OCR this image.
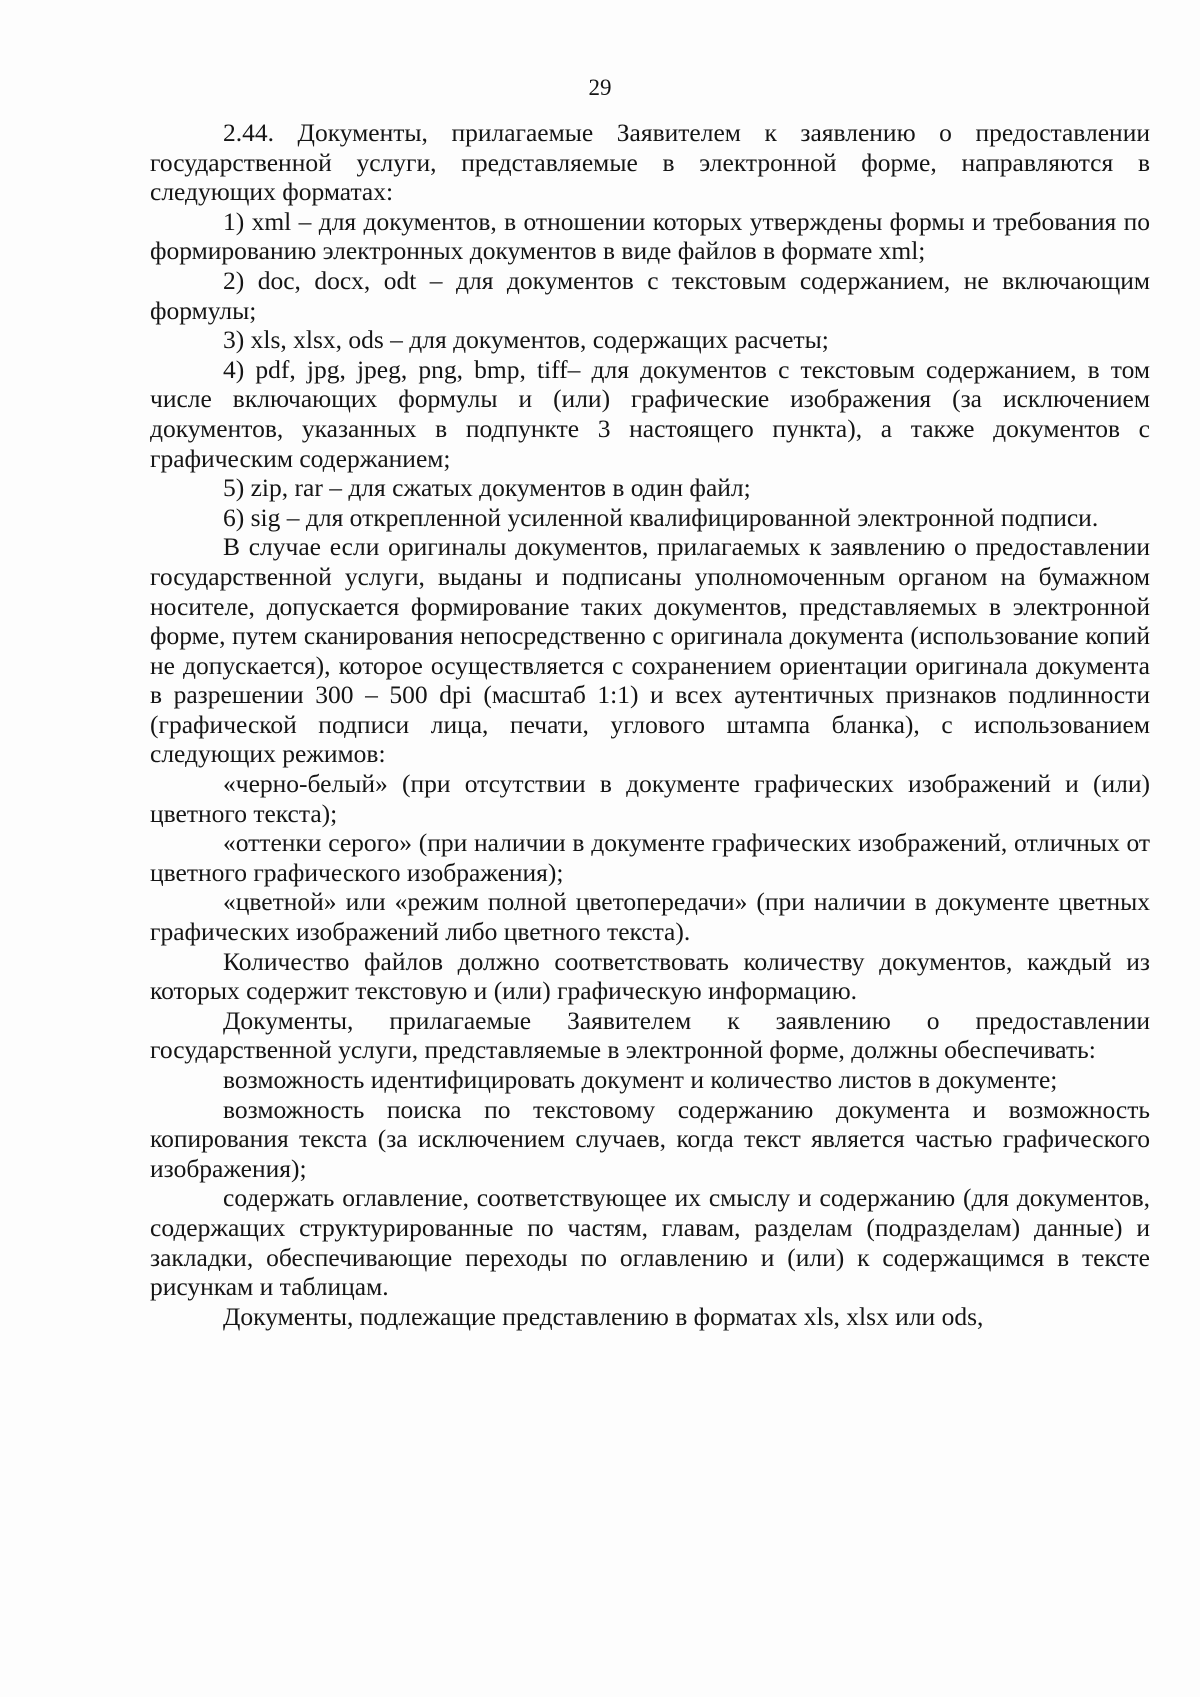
29

2.44. Документы, прилагаемые Заявителем к заявлению о предоставлении государственной услуги, представляемые в электронной форме, направляются в следующих форматах:

1) xml – для документов, в отношении которых утверждены формы и требования по формированию электронных документов в виде файлов в формате xml;

2) doc, docx, odt – для документов с текстовым содержанием, не включающим формулы;

3) xls, xlsx, ods – для документов, содержащих расчеты;

4) pdf, jpg, jpeg, png, bmp, tiff– для документов с текстовым содержанием, в том числе включающих формулы и (или) графические изображения (за исключением документов, указанных в подпункте 3 настоящего пункта), а также документов с графическим содержанием;

5) zip, rar – для сжатых документов в один файл;

6) sig – для открепленной усиленной квалифицированной электронной подписи.

В случае если оригиналы документов, прилагаемых к заявлению о предоставлении государственной услуги, выданы и подписаны уполномоченным органом на бумажном носителе, допускается формирование таких документов, представляемых в электронной форме, путем сканирования непосредственно с оригинала документа (использование копий не допускается), которое осуществляется с сохранением ориентации оригинала документа в разрешении 300 – 500 dpi (масштаб 1:1) и всех аутентичных признаков подлинности (графической подписи лица, печати, углового штампа бланка), с использованием следующих режимов:

«черно-белый» (при отсутствии в документе графических изображений и (или) цветного текста);

«оттенки серого» (при наличии в документе графических изображений, отличных от цветного графического изображения);

«цветной» или «режим полной цветопередачи» (при наличии в документе цветных графических изображений либо цветного текста).

Количество файлов должно соответствовать количеству документов, каждый из которых содержит текстовую и (или) графическую информацию.

Документы, прилагаемые Заявителем к заявлению о предоставлении государственной услуги, представляемые в электронной форме, должны обеспечивать:

возможность идентифицировать документ и количество листов в документе;

возможность поиска по текстовому содержанию документа и возможность копирования текста (за исключением случаев, когда текст является частью графического изображения);

содержать оглавление, соответствующее их смыслу и содержанию (для документов, содержащих структурированные по частям, главам, разделам (подразделам) данные) и закладки, обеспечивающие переходы по оглавлению и (или) к содержащимся в тексте рисункам и таблицам.

Документы, подлежащие представлению в форматах xls, xlsx или ods,
